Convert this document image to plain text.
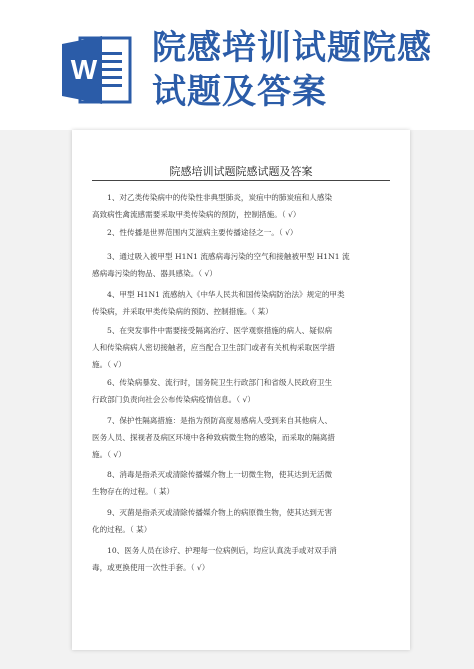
W
院感培训试题院感
试题及答案
院感培训试题院感试题及答案
1、对乙类传染病中的传染性非典型肺炎，炭疽中的肺炭疽和人感染
高致病性禽流感需要采取甲类传染病的预防，控制措施。（ √）
2、性传播是世界范围内艾滋病主要传播途径之一。（ √）
3、通过吸入被甲型 H1N1 流感病毒污染的空气和接触被甲型 H1N1 流
感病毒污染的物品、器具感染。（ √）
4、甲型 H1N1 流感纳入《中华人民共和国传染病防治法》规定的甲类
传染病，并采取甲类传染病的预防、控制措施。（ 某）
5、在突发事件中需要接受隔离治疗、医学观察措施的病人、疑似病
人和传染病病人密切接触者，应当配合卫生部门或者有关机构采取医学措
施。（ √）
6、传染病暴发、流行时，国务院卫生行政部门和省级人民政府卫生
行政部门负责向社会公布传染病疫情信息。（ √）
7、保护性隔离措施：是指为预防高度易感病人受到来自其他病人、
医务人员、探视者及病区环境中各种致病微生物的感染，而采取的隔离措
施。（ √）
8、消毒是指杀灭或清除传播媒介物上一切微生物，使其达到无活微
生物存在的过程。（ 某）
9、灭菌是指杀灭或清除传播媒介物上的病原微生物，使其达到无害
化的过程。（ 某）
10、医务人员在诊疗、护理每一位病例后，均应认真洗手或对双手消
毒，或更换使用一次性手套。（ √）
